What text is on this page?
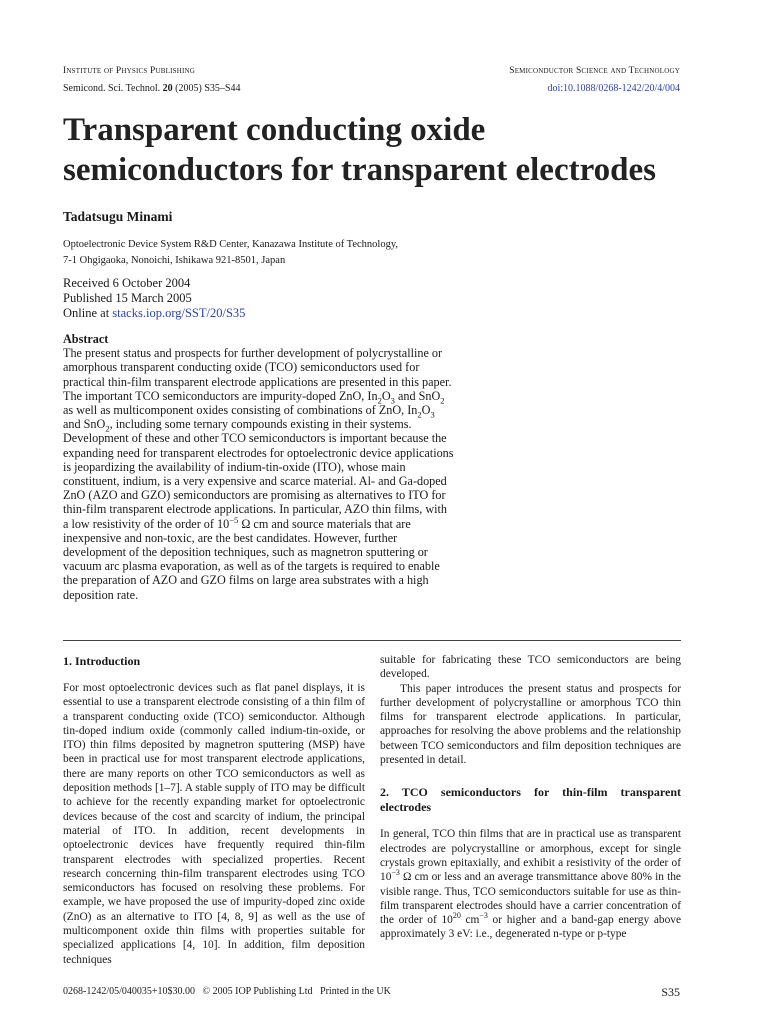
Institute of Physics Publishing	Semiconductor Science and Technology
Semicond. Sci. Technol. 20 (2005) S35–S44	doi:10.1088/0268-1242/20/4/004
Transparent conducting oxide
semiconductors for transparent electrodes
Tadatsugu Minami
Optoelectronic Device System R&D Center, Kanazawa Institute of Technology,
7-1 Ohgigaoka, Nonoichi, Ishikawa 921-8501, Japan
Received 6 October 2004
Published 15 March 2005
Online at stacks.iop.org/SST/20/S35
Abstract

The present status and prospects for further development of polycrystalline or amorphous transparent conducting oxide (TCO) semiconductors used for practical thin-film transparent electrode applications are presented in this paper. The important TCO semiconductors are impurity-doped ZnO, $In_2O_3$ and SnO$_2$ as well as multicomponent oxides consisting of combinations of ZnO, $In_2O_3$ and SnO$_2$, including some ternary compounds existing in their systems. Development of these and other TCO semiconductors is important because the expanding need for transparent electrodes for optoelectronic device applications is jeopardizing the availability of indium-tin-oxide (ITO), whose main constituent, indium, is a very expensive and scarce material. Al- and Ga-doped ZnO (AZO and GZO) semiconductors are promising as alternatives to ITO for thin-film transparent electrode applications. In particular, AZO thin films, with a low resistivity of the order of $10^{-5}$ Ω cm and source materials that are inexpensive and non-toxic, are the best candidates. However, further development of the deposition techniques, such as magnetron sputtering or vacuum arc plasma evaporation, as well as of the targets is required to enable the preparation of AZO and GZO films on large area substrates with a high deposition rate.

1. Introduction

For most optoelectronic devices such as flat panel displays, it is essential to use a transparent electrode consisting of a thin film of a transparent conducting oxide (TCO) semiconductor. Although tin-doped indium oxide (commonly called indium-tin-oxide, or ITO) thin films deposited by magnetron sputtering (MSP) have been in practical use for most transparent electrode applications, there are many reports on other TCO semiconductors as well as deposition methods [1–7]. A stable supply of ITO may be difficult to achieve for the recently expanding market for optoelectronic devices because of the cost and scarcity of indium, the principal material of ITO. In addition, recent developments in optoelectronic devices have frequently required thin-film transparent electrodes with specialized properties. Recent research concerning thin-film transparent electrodes using TCO semiconductors has focused on resolving these problems. For example, we have proposed the use of impurity-doped zinc oxide (ZnO) as an alternative to ITO [4, 8, 9] as well as the use of multicomponent oxide thin films with properties suitable for specialized applications [4, 10]. In addition, film deposition techniques

suitable for fabricating these TCO semiconductors are being developed.

This paper introduces the present status and prospects for further development of polycrystalline or amorphous TCO thin films for transparent electrode applications. In particular, approaches for resolving the above problems and the relationship between TCO semiconductors and film deposition techniques are presented in detail.

2. TCO semiconductors for thin-film transparent electrodes

In general, TCO thin films that are in practical use as transparent electrodes are polycrystalline or amorphous, except for single crystals grown epitaxially, and exhibit a resistivity of the order of $10^{-3}$ Ω cm or less and an average transmittance above 80% in the visible range. Thus, TCO semiconductors suitable for use as thin-film transparent electrodes should have a carrier concentration of the order of $10^{20}$ $cm^{-3}$ or higher and a band-gap energy above approximately 3 eV: i.e., degenerated n-type or p-type

0268-1242/05/040035+10$30.00   © 2005 IOP Publishing Ltd   Printed in the UK	S35
